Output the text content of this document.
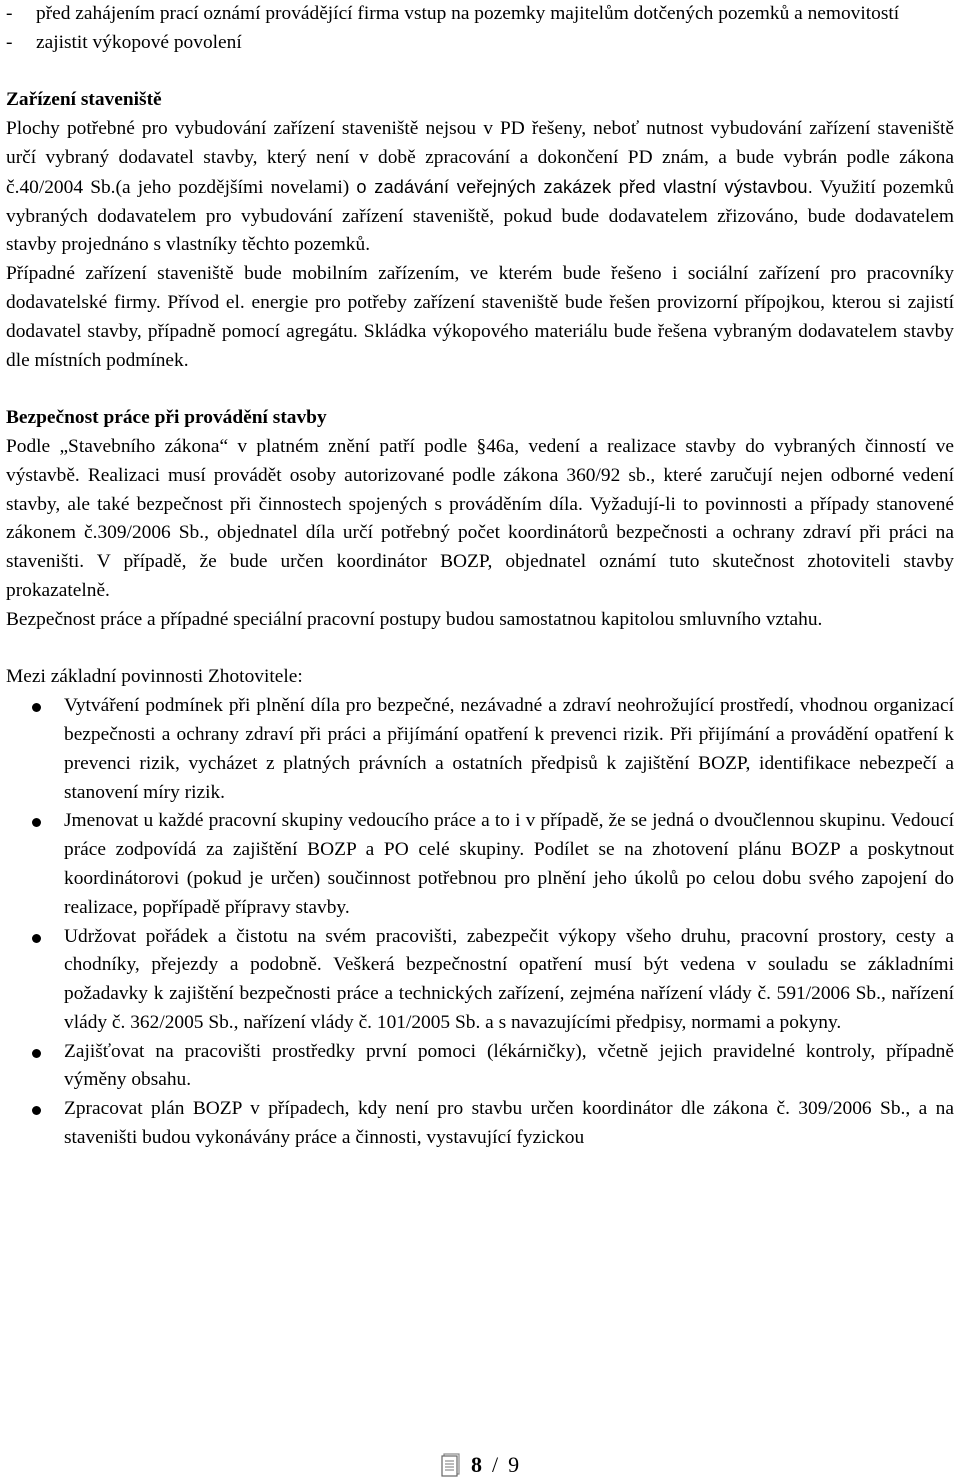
-	před zahájením prací oznámí provádějící firma vstup na pozemky majitelům dotčených pozemků a nemovitostí
-	zajistit výkopové povolení
Zařízení staveniště
Plochy potřebné pro vybudování zařízení staveniště nejsou v PD řešeny, neboť nutnost vybudování zařízení staveniště určí vybraný dodavatel stavby, který není v době zpracování a dokončení PD znám, a bude vybrán podle zákona č.40/2004 Sb.(a jeho pozdějšími novelami) o zadávání veřejných zakázek před vlastní výstavbou. Využití pozemků vybraných dodavatelem pro vybudování zařízení staveniště, pokud bude dodavatelem zřizováno, bude dodavatelem stavby projednáno s vlastníky těchto pozemků.
Případné zařízení staveniště bude mobilním zařízením, ve kterém bude řešeno i sociální zařízení pro pracovníky dodavatelské firmy. Přívod el. energie pro potřeby zařízení staveniště bude řešen provizorní přípojkou, kterou si zajistí dodavatel stavby, případně pomocí agregátu. Skládka výkopového materiálu bude řešena vybraným dodavatelem stavby dle místních podmínek.
Bezpečnost práce při provádění stavby
Podle „Stavebního zákona“ v platném znění patří podle §46a, vedení a realizace stavby do vybraných činností ve výstavbě. Realizaci musí provádět osoby autorizované podle zákona 360/92 sb., které zaručují nejen odborné vedení stavby, ale také bezpečnost při činnostech spojených s prováděním díla. Vyžadují-li to povinnosti a případy stanovené zákonem č.309/2006 Sb., objednatel díla určí potřebný počet koordinátorů bezpečnosti a ochrany zdraví při práci na staveništi. V případě, že bude určen koordinátor BOZP, objednatel oznámí tuto skutečnost zhotoviteli stavby prokazatelně.
Bezpečnost práce a případné speciální pracovní postupy budou samostatnou kapitolou smluvního vztahu.
Mezi základní povinnosti Zhotovitele:
Vytváření podmínek při plnění díla pro bezpečné, nezávadné a zdraví neohrožující prostředí, vhodnou organizací bezpečnosti a ochrany zdraví při práci a přijímání opatření k prevenci rizik. Při přijímání a provádění opatření k prevenci rizik, vycházet z platných právních a ostatních předpisů k zajištění BOZP, identifikace nebezpečí a stanovení míry rizik.
Jmenovat u každé pracovní skupiny vedoucího práce a to i v případě, že se jedná o dvoučlennou skupinu. Vedoucí práce zodpovídá za zajištění BOZP a PO celé skupiny. Podílet se na zhotovení plánu BOZP a poskytnout koordinátorovi (pokud je určen) součinnost potřebnou pro plnění jeho úkolů po celou dobu svého zapojení do realizace, popřípadě přípravy stavby.
Udržovat pořádek a čistotu na svém pracovišti, zabezpečit výkopy všeho druhu, pracovní prostory, cesty a chodníky, přejezdy a podobně. Veškerá bezpečnostní opatření musí být vedena v souladu se základními požadavky k zajištění bezpečnosti práce a technických zařízení, zejména nařízení vlády č. 591/2006 Sb., nařízení vlády č. 362/2005 Sb., nařízení vlády č. 101/2005 Sb. a s navazujícími předpisy, normami a pokyny.
Zajišťovat na pracovišti prostředky první pomoci (lékárničky), včetně jejich pravidelné kontroly, případně výměny obsahu.
Zpracovat plán BOZP v případech, kdy není pro stavbu určen koordinátor dle zákona č. 309/2006 Sb., a na staveništi budou vykonávány práce a činnosti, vystavující fyzickou
8 / 9
